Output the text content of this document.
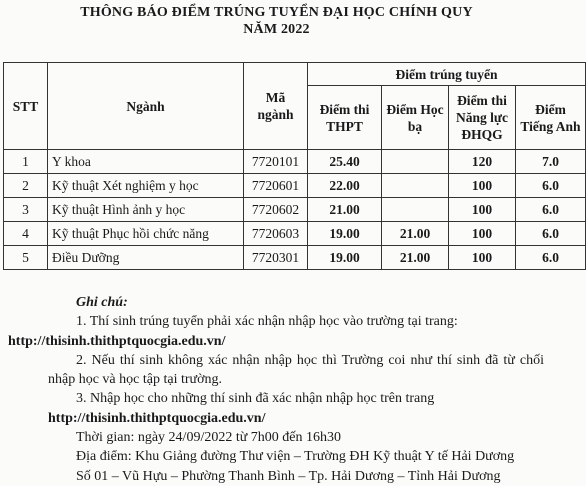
THÔNG BÁO ĐIỂM TRÚNG TUYỂN ĐẠI HỌC CHÍNH QUY
NĂM 2022
STT	Ngành	Mã ngành	Điểm trúng tuyển			
			Điểm thi THPT	Điểm Học bạ	Điểm thi Năng lực ĐHQG	Điểm Tiếng Anh
1	Y khoa	7720101	25.40		120	7.0
2	Kỹ thuật Xét nghiệm y học	7720601	22.00		100	6.0
3	Kỹ thuật Hình ảnh y học	7720602	21.00		100	6.0
4	Kỹ thuật Phục hồi chức năng	7720603	19.00	21.00	100	6.0
5	Điều Dưỡng	7720301	19.00	21.00	100	6.0

Ghi chú:

1. Thí sinh trúng tuyển phải xác nhận nhập học vào trường tại trang:

http://thisinh.thithptquocgia.edu.vn/

2. Nếu thí sinh không xác nhận nhập học thì Trường coi như thí sinh đã từ chối nhập học và học tập tại trường.

3. Nhập học cho những thí sinh đã xác nhận nhập học trên trang

http://thisinh.thithptquocgia.edu.vn/

Thời gian: ngày 24/09/2022 từ 7h00 đến 16h30

Địa điểm: Khu Giảng đường Thư viện – Trường ĐH Kỹ thuật Y tế Hải Dương

Số 01 – Vũ Hựu – Phường Thanh Bình – Tp. Hải Dương – Tỉnh Hải Dương
